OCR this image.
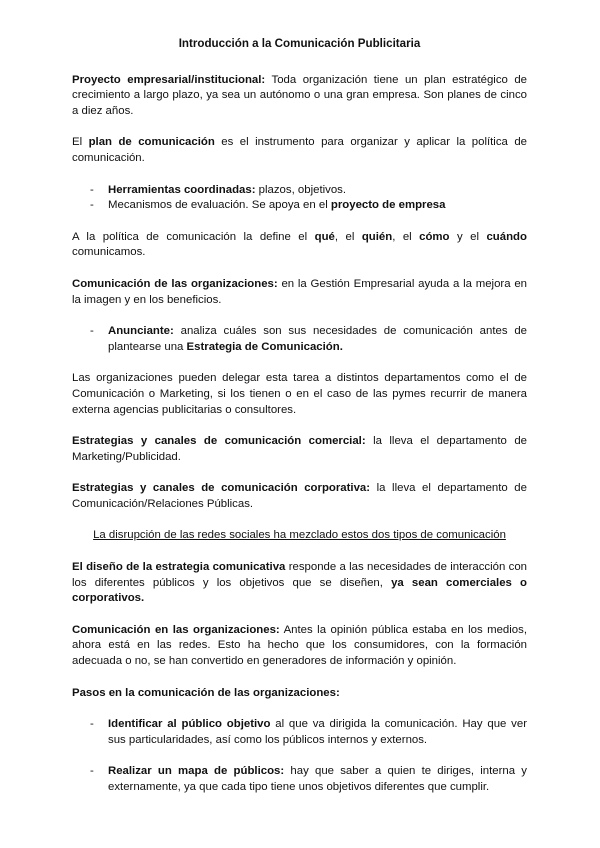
Introducción a la Comunicación Publicitaria

Proyecto empresarial/institucional: Toda organización tiene un plan estratégico de crecimiento a largo plazo, ya sea un autónomo o una gran empresa. Son planes de cinco a diez años.

El plan de comunicación es el instrumento para organizar y aplicar la política de comunicación.

- Herramientas coordinadas: plazos, objetivos.
- Mecanismos de evaluación. Se apoya en el proyecto de empresa

A la política de comunicación la define el qué, el quién, el cómo y el cuándo comunicamos.

Comunicación de las organizaciones: en la Gestión Empresarial ayuda a la mejora en la imagen y en los beneficios.

- Anunciante: analiza cuáles son sus necesidades de comunicación antes de plantearse una Estrategia de Comunicación.

Las organizaciones pueden delegar esta tarea a distintos departamentos como el de Comunicación o Marketing, si los tienen o en el caso de las pymes recurrir de manera externa agencias publicitarias o consultores.

Estrategias y canales de comunicación comercial: la lleva el departamento de Marketing/Publicidad.

Estrategias y canales de comunicación corporativa: la lleva el departamento de Comunicación/Relaciones Públicas.

La disrupción de las redes sociales ha mezclado estos dos tipos de comunicación

El diseño de la estrategia comunicativa responde a las necesidades de interacción con los diferentes públicos y los objetivos que se diseñen, ya sean comerciales o corporativos.

Comunicación en las organizaciones: Antes la opinión pública estaba en los medios, ahora está en las redes. Esto ha hecho que los consumidores, con la formación adecuada o no, se han convertido en generadores de información y opinión.

Pasos en la comunicación de las organizaciones:

- Identificar al público objetivo al que va dirigida la comunicación. Hay que ver sus particularidades, así como los públicos internos y externos.
- Realizar un mapa de públicos: hay que saber a quien te diriges, interna y externamente, ya que cada tipo tiene unos objetivos diferentes que cumplir.
